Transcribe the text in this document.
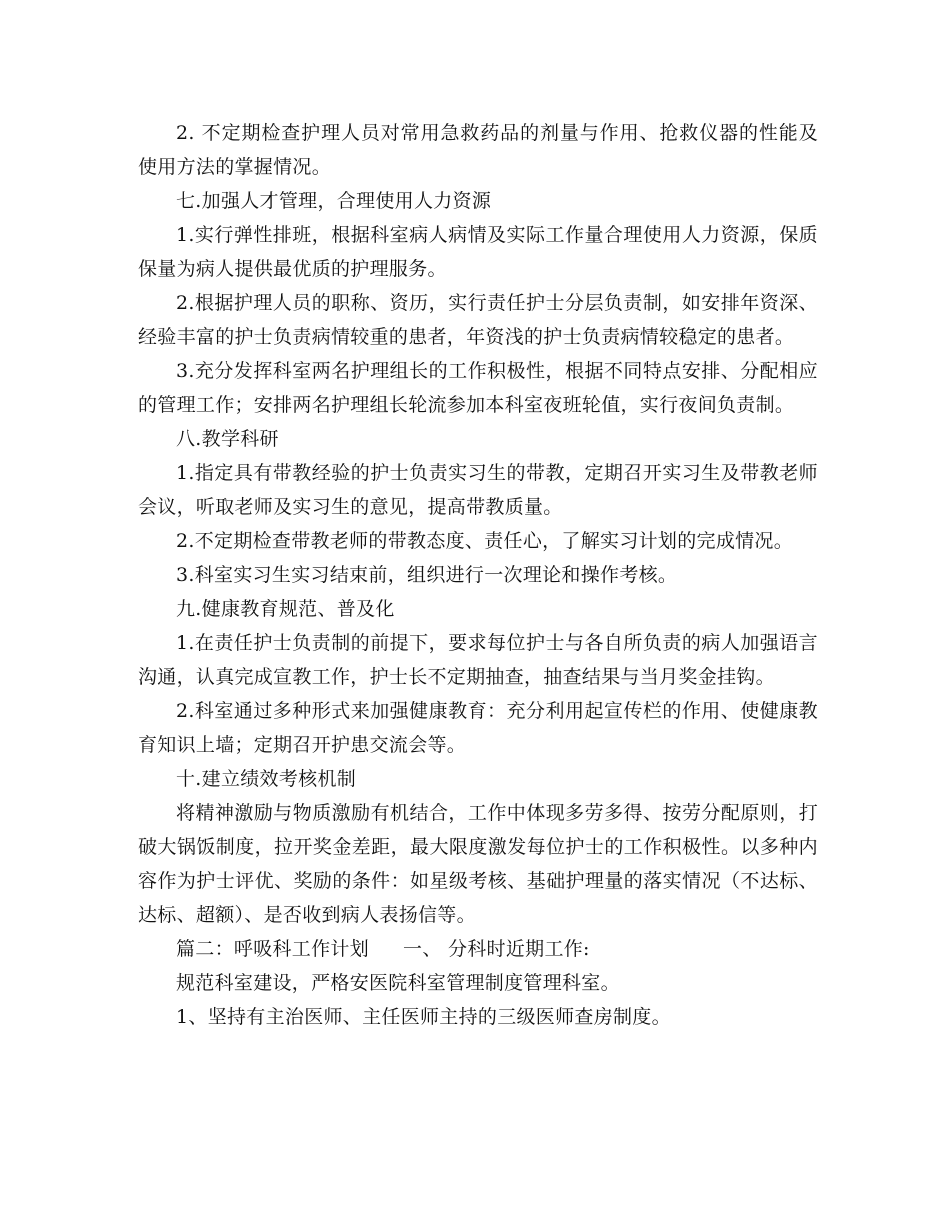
2. 不定期检查护理人员对常用急救药品的剂量与作用、抢救仪器的性能及使用方法的掌握情况。

七.加强人才管理，合理使用人力资源

1.实行弹性排班，根据科室病人病情及实际工作量合理使用人力资源，保质保量为病人提供最优质的护理服务。

2.根据护理人员的职称、资历，实行责任护士分层负责制，如安排年资深、经验丰富的护士负责病情较重的患者，年资浅的护士负责病情较稳定的患者。

3.充分发挥科室两名护理组长的工作积极性，根据不同特点安排、分配相应的管理工作；安排两名护理组长轮流参加本科室夜班轮值，实行夜间负责制。

八.教学科研

1.指定具有带教经验的护士负责实习生的带教，定期召开实习生及带教老师会议，听取老师及实习生的意见，提高带教质量。

2.不定期检查带教老师的带教态度、责任心，了解实习计划的完成情况。

3.科室实习生实习结束前，组织进行一次理论和操作考核。

九.健康教育规范、普及化

1.在责任护士负责制的前提下，要求每位护士与各自所负责的病人加强语言沟通，认真完成宣教工作，护士长不定期抽查，抽查结果与当月奖金挂钩。

2.科室通过多种形式来加强健康教育：充分利用起宣传栏的作用、使健康教育知识上墙；定期召开护患交流会等。

十.建立绩效考核机制

将精神激励与物质激励有机结合，工作中体现多劳多得、按劳分配原则，打破大锅饭制度，拉开奖金差距，最大限度激发每位护士的工作积极性。以多种内容作为护士评优、奖励的条件：如星级考核、基础护理量的落实情况（不达标、达标、超额）、是否收到病人表扬信等。

篇二：呼吸科工作计划 一、 分科时近期工作:

规范科室建设，严格安医院科室管理制度管理科室。

1、坚持有主治医师、主任医师主持的三级医师查房制度。
